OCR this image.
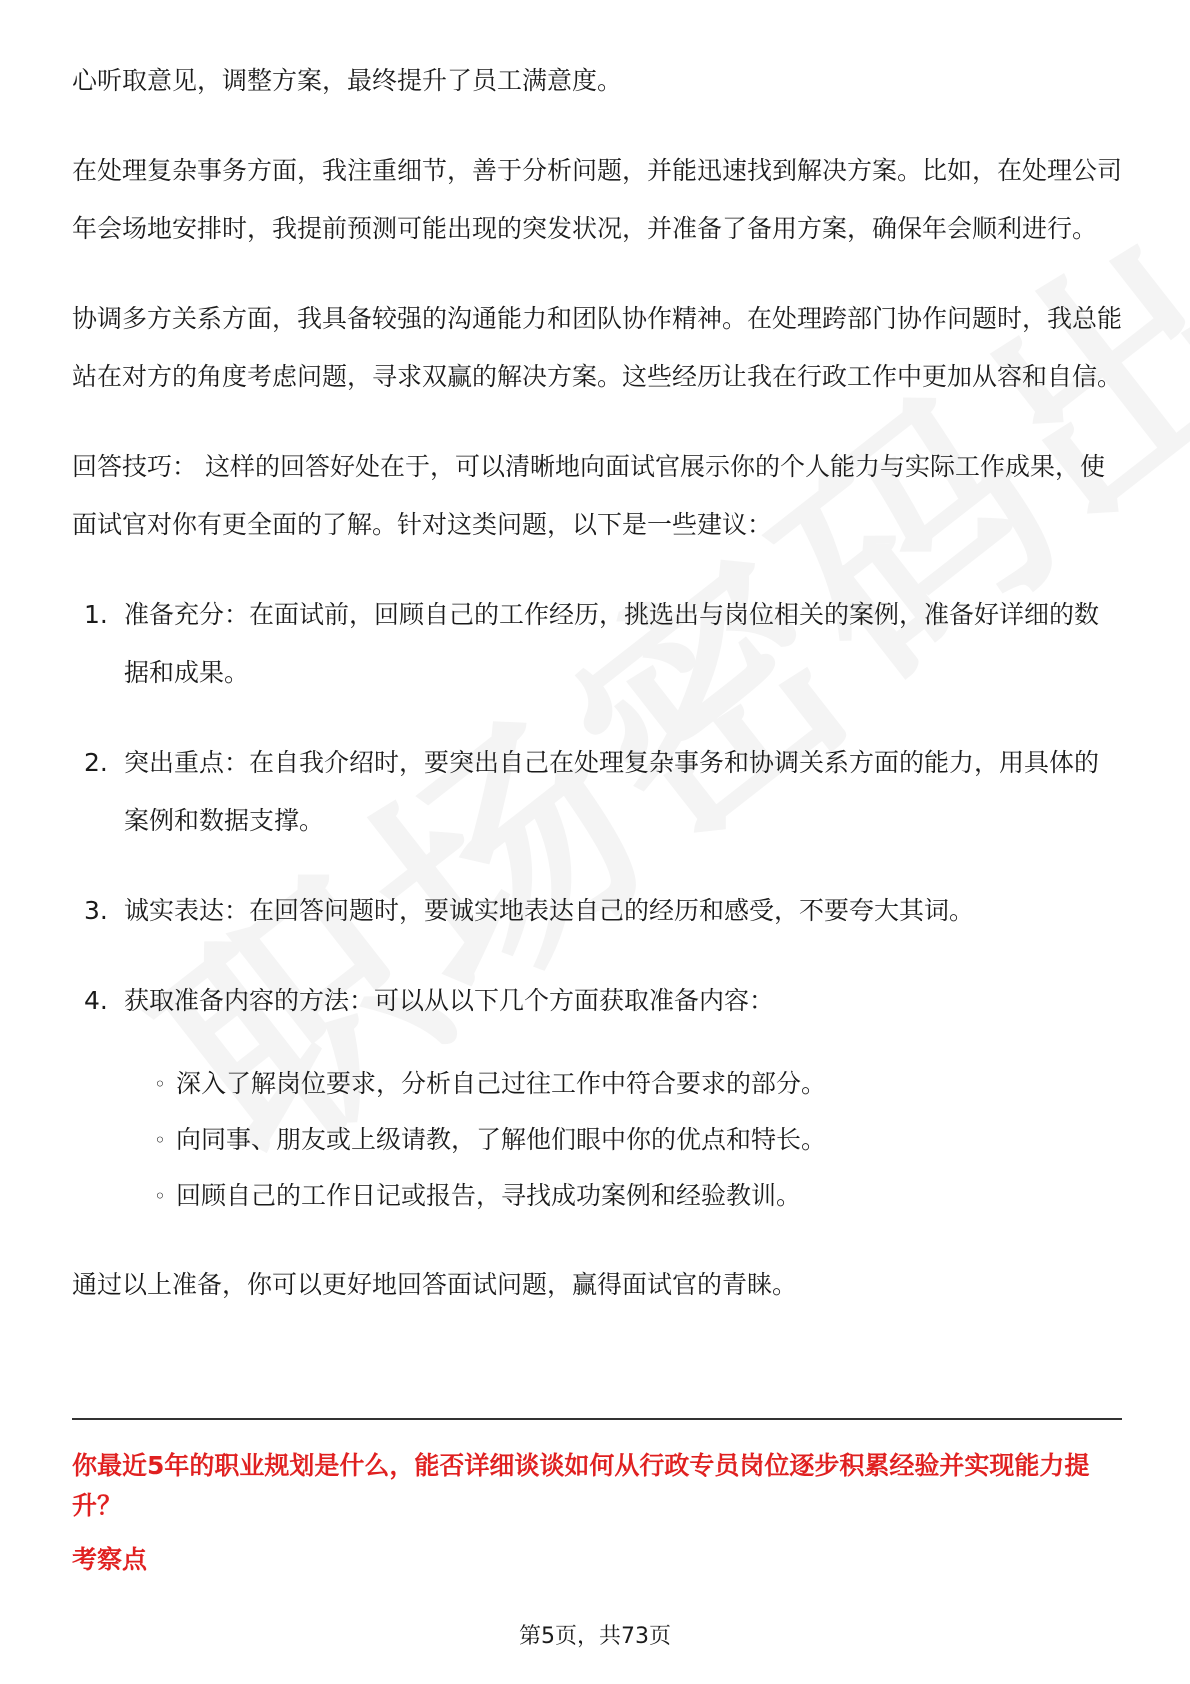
心听取意见，调整方案，最终提升了员工满意度。

在处理复杂事务方面，我注重细节，善于分析问题，并能迅速找到解决方案。比如，在处理公司年会场地安排时，我提前预测可能出现的突发状况，并准备了备用方案，确保年会顺利进行。

协调多方关系方面，我具备较强的沟通能力和团队协作精神。在处理跨部门协作问题时，我总能站在对方的角度考虑问题，寻求双赢的解决方案。这些经历让我在行政工作中更加从容和自信。

回答技巧： 这样的回答好处在于，可以清晰地向面试官展示你的个人能力与实际工作成果，使面试官对你有更全面的了解。针对这类问题，以下是一些建议：

1. 准备充分：在面试前，回顾自己的工作经历，挑选出与岗位相关的案例，准备好详细的数据和成果。
2. 突出重点：在自我介绍时，要突出自己在处理复杂事务和协调关系方面的能力，用具体的案例和数据支撑。
3. 诚实表达：在回答问题时，要诚实地表达自己的经历和感受，不要夸大其词。
4. 获取准备内容的方法：可以从以下几个方面获取准备内容：
◦ 深入了解岗位要求，分析自己过往工作中符合要求的部分。
◦ 向同事、朋友或上级请教，了解他们眼中你的优点和特长。
◦ 回顾自己的工作日记或报告，寻找成功案例和经验教训。

通过以上准备，你可以更好地回答面试问题，赢得面试官的青睐。

你最近5年的职业规划是什么，能否详细谈谈如何从行政专员岗位逐步积累经验并实现能力提升？
考察点
第5页，共73页
